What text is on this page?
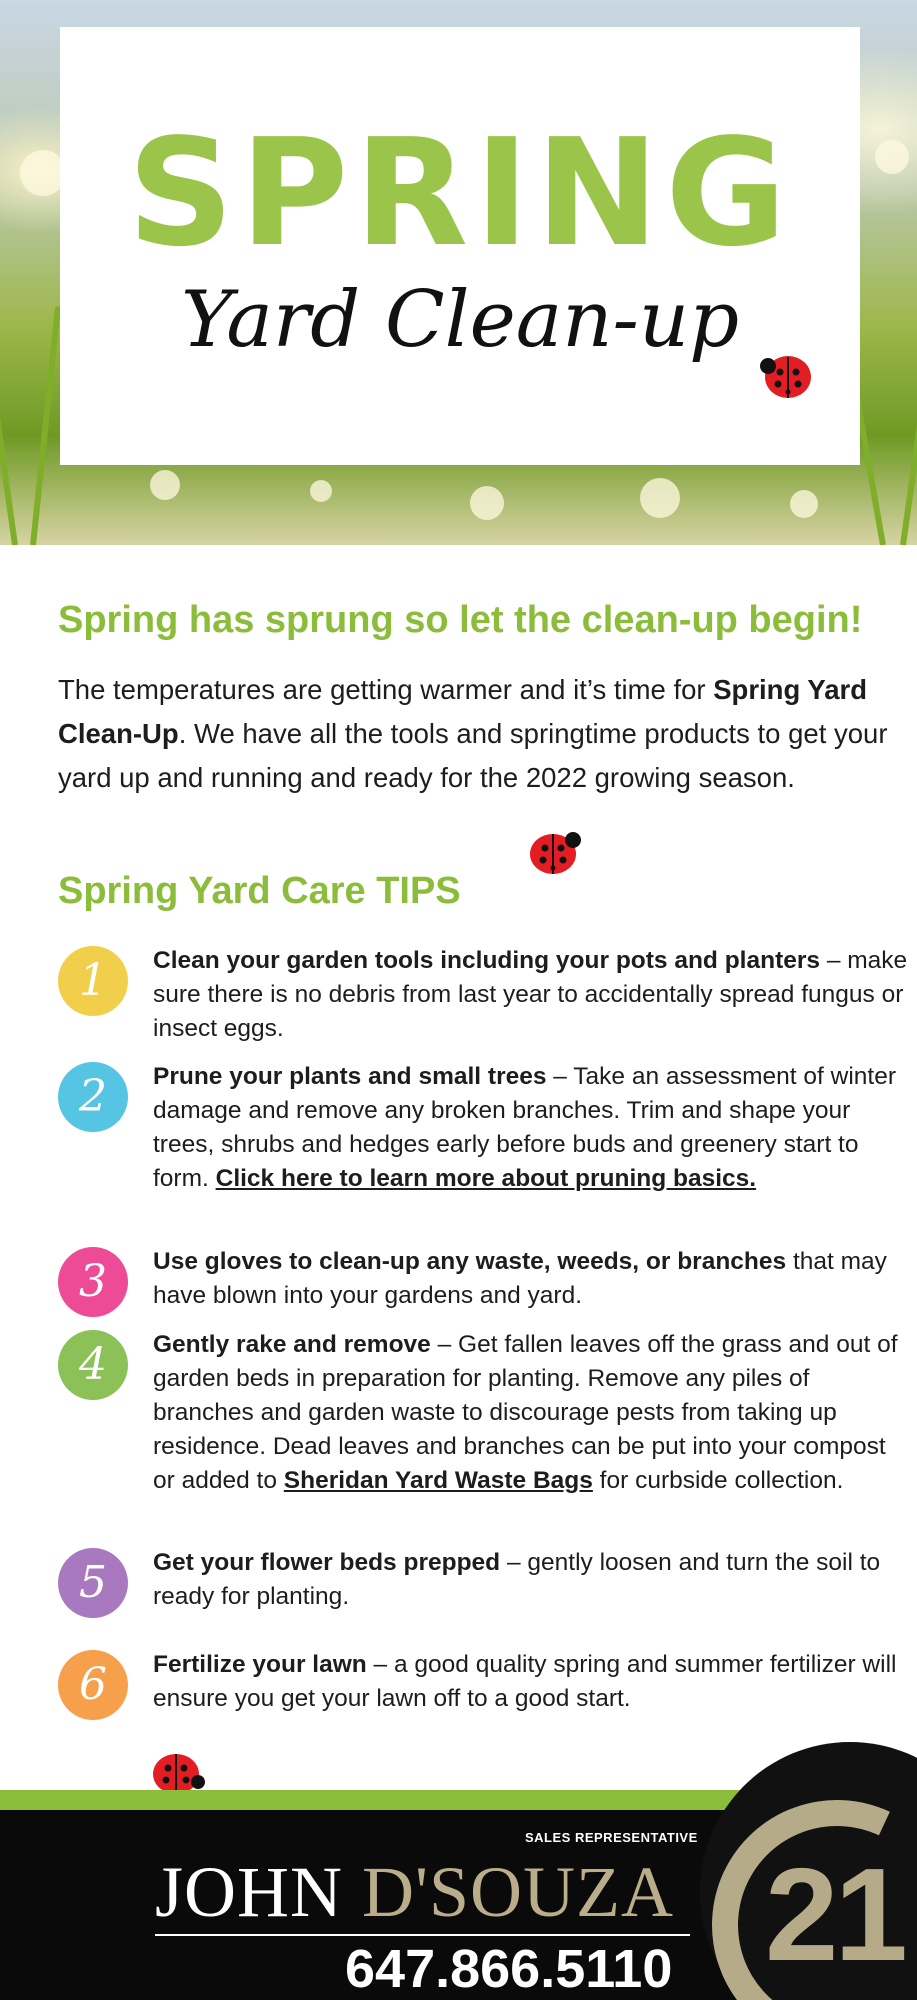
SPRING
Yard Clean-up
Spring has sprung so let the clean-up begin!
The temperatures are getting warmer and it’s time for Spring Yard Clean-Up. We have all the tools and springtime products to get your yard up and running and ready for the 2022 growing season.
Spring Yard Care TIPS
1	Clean your garden tools including your pots and planters – make sure there is no debris from last year to accidentally spread fungus or insect eggs.
2	Prune your plants and small trees – Take an assessment of winter damage and remove any broken branches. Trim and shape your trees, shrubs and hedges early before buds and greenery start to form. Click here to learn more about pruning basics.
3	Use gloves to clean-up any waste, weeds, or branches that may have blown into your gardens and yard.
4	Gently rake and remove – Get fallen leaves off the grass and out of garden beds in preparation for planting. Remove any piles of branches and garden waste to discourage pests from taking up residence. Dead leaves and branches can be put into your compost or added to Sheridan Yard Waste Bags for curbside collection.
5	Get your flower beds prepped – gently loosen and turn the soil to ready for planting.
6	Fertilize your lawn – a good quality spring and summer fertilizer will ensure you get your lawn off to a good start.
SALES REPRESENTATIVE
JOHN D'SOUZA
647.866.5110 21
